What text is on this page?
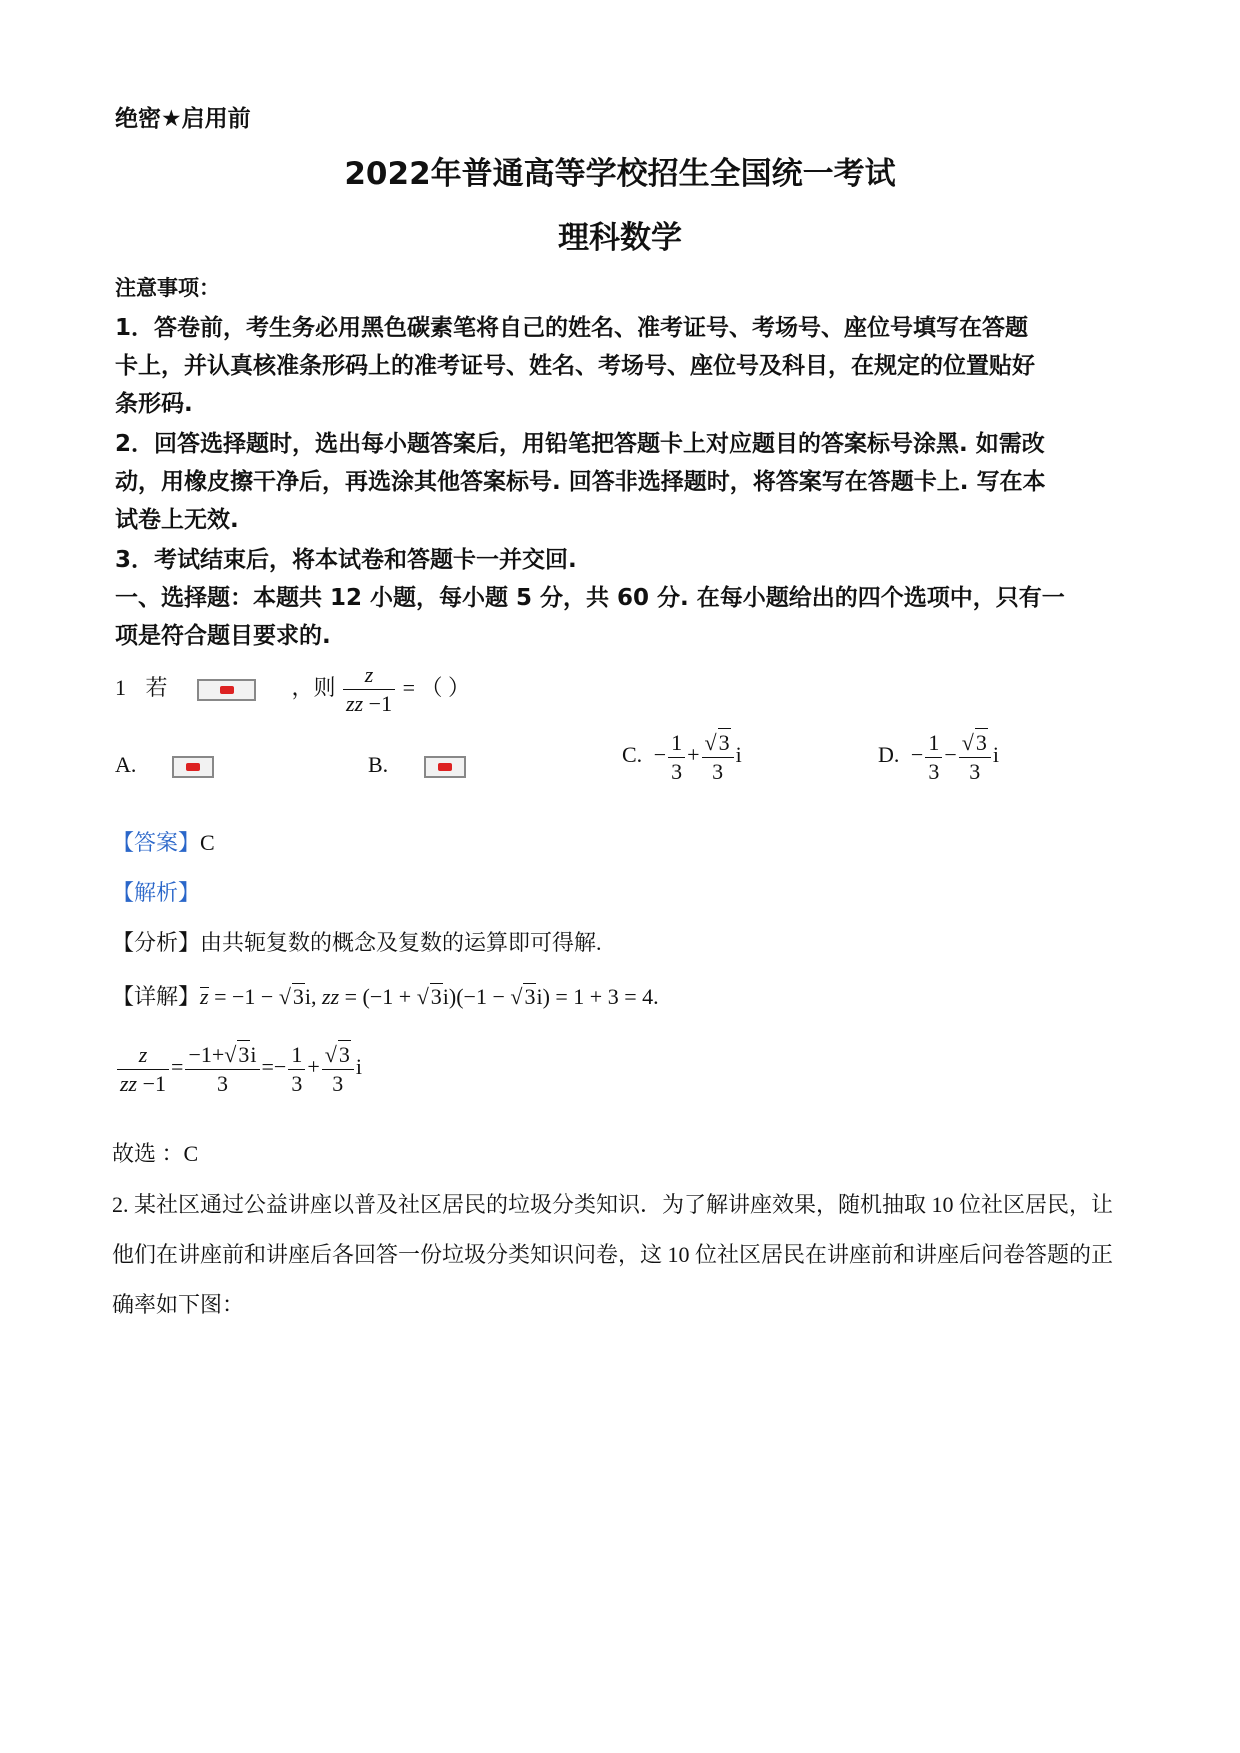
绝密★启用前
2022年普通高等学校招生全国统一考试
理科数学
注意事项：
1．答卷前，考生务必用黑色碳素笔将自己的姓名、准考证号、考场号、座位号填写在答题
卡上，并认真核准条形码上的准考证号、姓名、考场号、座位号及科目，在规定的位置贴好
条形码.
2．回答选择题时，选出每小题答案后，用铅笔把答题卡上对应题目的答案标号涂黑. 如需改
动，用橡皮擦干净后，再选涂其他答案标号. 回答非选择题时，将答案写在答题卡上. 写在本
试卷上无效.
3．考试结束后，将本试卷和答题卡一并交回.
一、选择题：本题共 12 小题，每小题 5 分，共 60 分. 在每小题给出的四个选项中，只有一
项是符合题目要求的.
1 若	，则 $\frac{z}{zz -1}$ = （ ）
A.	B.	C. − $\frac{1}{3} + \frac{√3}{3}$ i	D. − $\frac{1}{3} - \frac{√3}{3}$ i
【答案】C
【解析】
【分析】由共轭复数的概念及复数的运算即可得解.
【详解】z = −1 − √3i, zz = (−1 + √3i)(−1 − √3i) = 1 + 3 = 4.
$\frac{z}{zz -1} = \frac{-1+√3i}{3} =- \frac{1}{3} + \frac{√3}{3}$ i
故选 ：C
2. 某社区通过公益讲座以普及社区居民的垃圾分类知识．为了解讲座效果，随机抽取 10 位社区居民，让
他们在讲座前和讲座后各回答一份垃圾分类知识问卷，这 10 位社区居民在讲座前和讲座后问卷答题的正
确率如下图：
